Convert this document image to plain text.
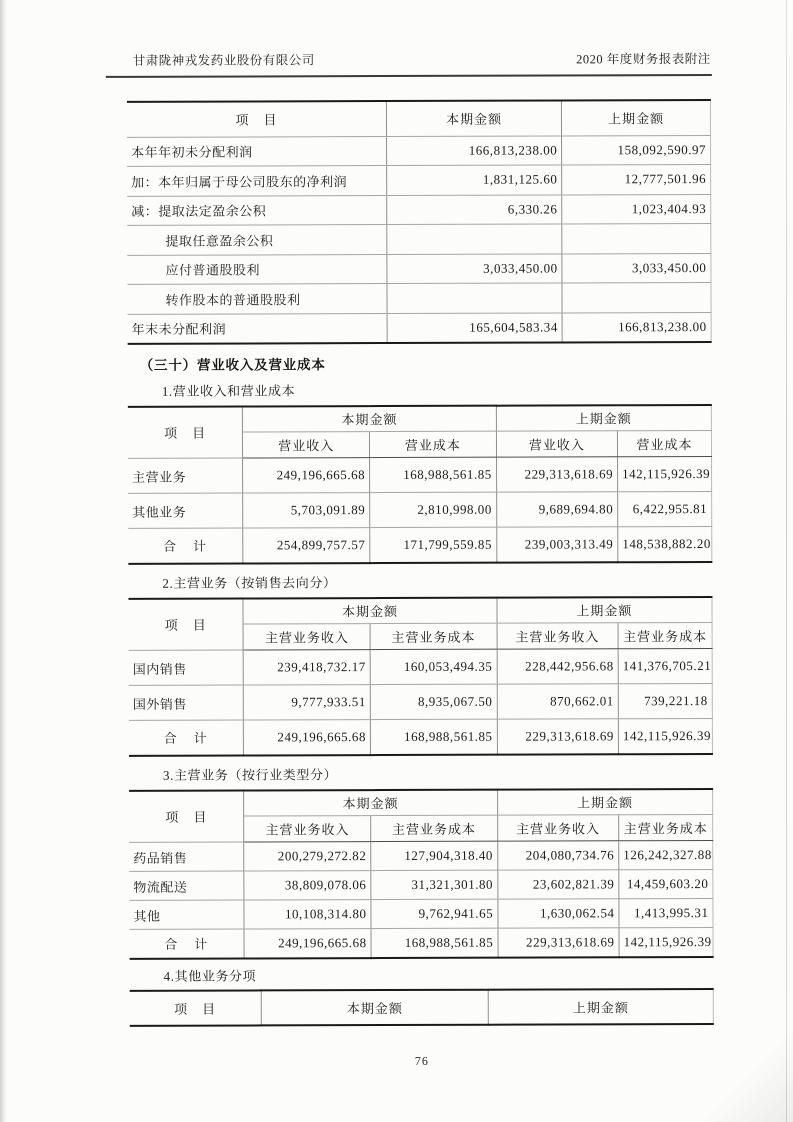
甘肃陇神戎发药业股份有限公司	2020 年度财务报表附注
项　目	本期金额	上期金额
本年年初未分配利润	166,813,238.00	158,092,590.97
加：本年归属于母公司股东的净利润	1,831,125.60	12,777,501.96
减：提取法定盈余公积	6,330.26	1,023,404.93
提取任意盈余公积		
应付普通股股利	3,033,450.00	3,033,450.00
转作股本的普通股股利		
年末未分配利润	165,604,583.34	166,813,238.00
（三十）营业收入及营业成本
1.营业收入和营业成本
项　目	本期金额		上期金额	
	营业收入	营业成本	营业收入	营业成本
主营业务	249,196,665.68	168,988,561.85	229,313,618.69	142,115,926.39
其他业务	5,703,091.89	2,810,998.00	9,689,694.80	6,422,955.81
合　计	254,899,757.57	171,799,559.85	239,003,313.49	148,538,882.20
2.主营业务（按销售去向分）
项　目	本期金额		上期金额	
	主营业务收入	主营业务成本	主营业务收入	主营业务成本
国内销售	239,418,732.17	160,053,494.35	228,442,956.68	141,376,705.21
国外销售	9,777,933.51	8,935,067.50	870,662.01	739,221.18
合　计	249,196,665.68	168,988,561.85	229,313,618.69	142,115,926.39
3.主营业务（按行业类型分）
项　目	本期金额		上期金额	
	主营业务收入	主营业务成本	主营业务收入	主营业务成本
药品销售	200,279,272.82	127,904,318.40	204,080,734.76	126,242,327.88
物流配送	38,809,078.06	31,321,301.80	23,602,821.39	14,459,603.20
其他	10,108,314.80	9,762,941.65	1,630,062.54	1,413,995.31
合　计	249,196,665.68	168,988,561.85	229,313,618.69	142,115,926.39
4.其他业务分项
项　目	本期金额	上期金额
76
